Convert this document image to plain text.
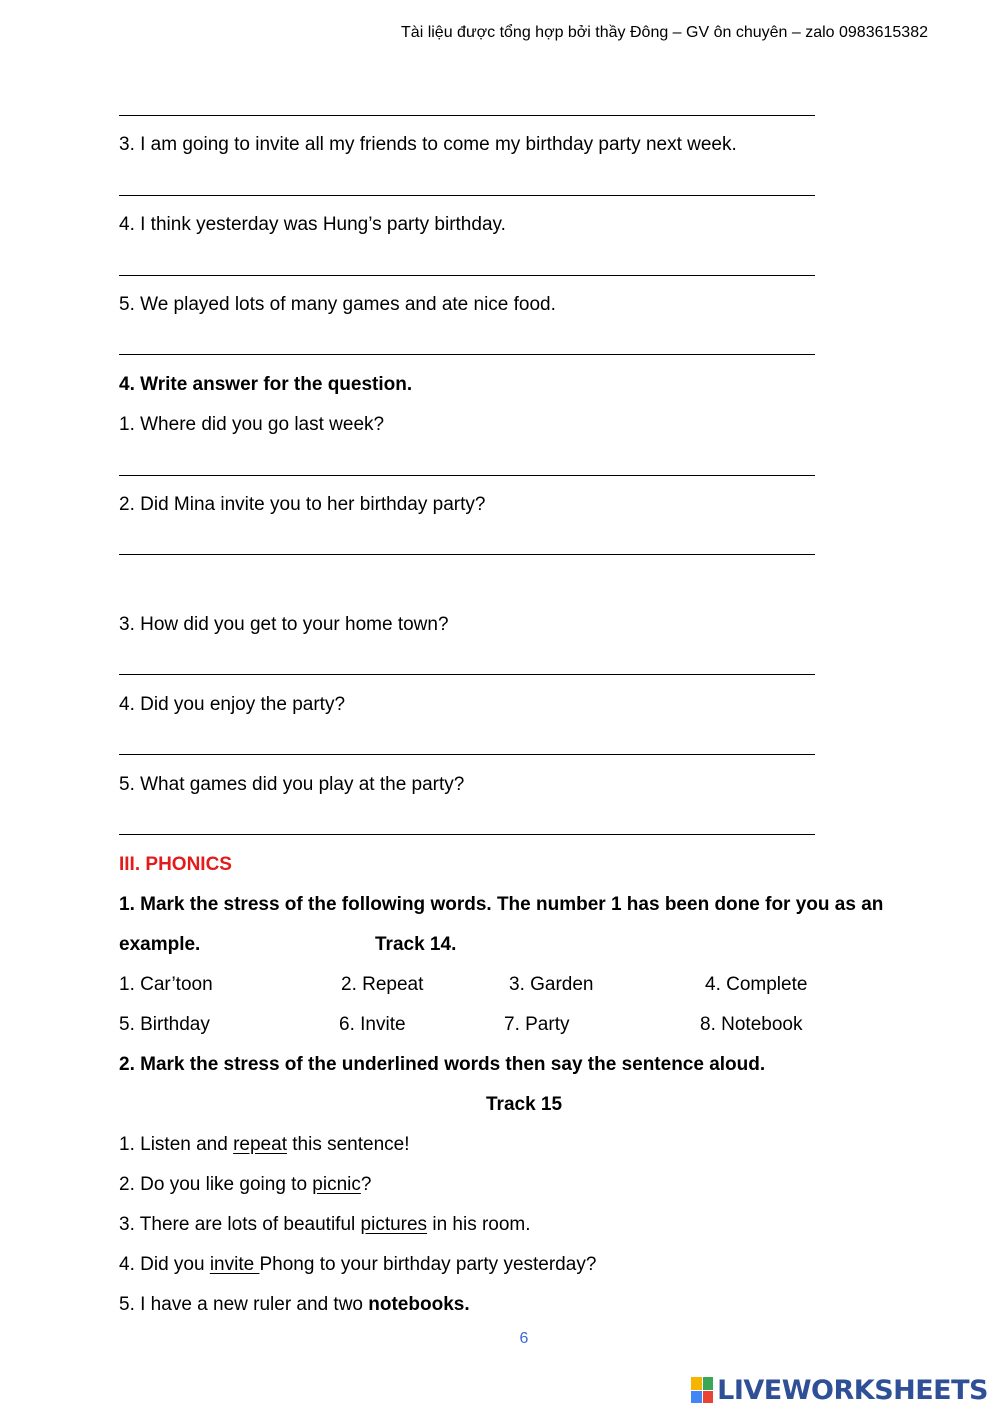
Tài liệu được tổng hợp bởi thầy Đông – GV ôn chuyên – zalo 0983615382
3. I am going to invite all my friends to come my birthday party next week.
4. I think yesterday was Hung’s party birthday.
5. We played lots of many games and ate nice food.
4. Write answer for the question.
1. Where did you go last week?
2. Did Mina invite you to her birthday party?
3. How did you get to your home town?
4. Did you enjoy the party?
5. What games did you play at the party?
III. PHONICS
1. Mark the stress of the following words. The number 1 has been done for you as an
example.	Track 14.
1. Car’toon	2. Repeat	3. Garden	4. Complete
5. Birthday	6. Invite	7. Party	8. Notebook
2. Mark the stress of the underlined words then say the sentence aloud.
Track 15
1. Listen and repeat this sentence!
2. Do you like going to picnic?
3. There are lots of beautiful pictures in his room.
4. Did you invite Phong to your birthday party yesterday?
5. I have a new ruler and two notebooks.
6
LIVEWORKSHEETS
